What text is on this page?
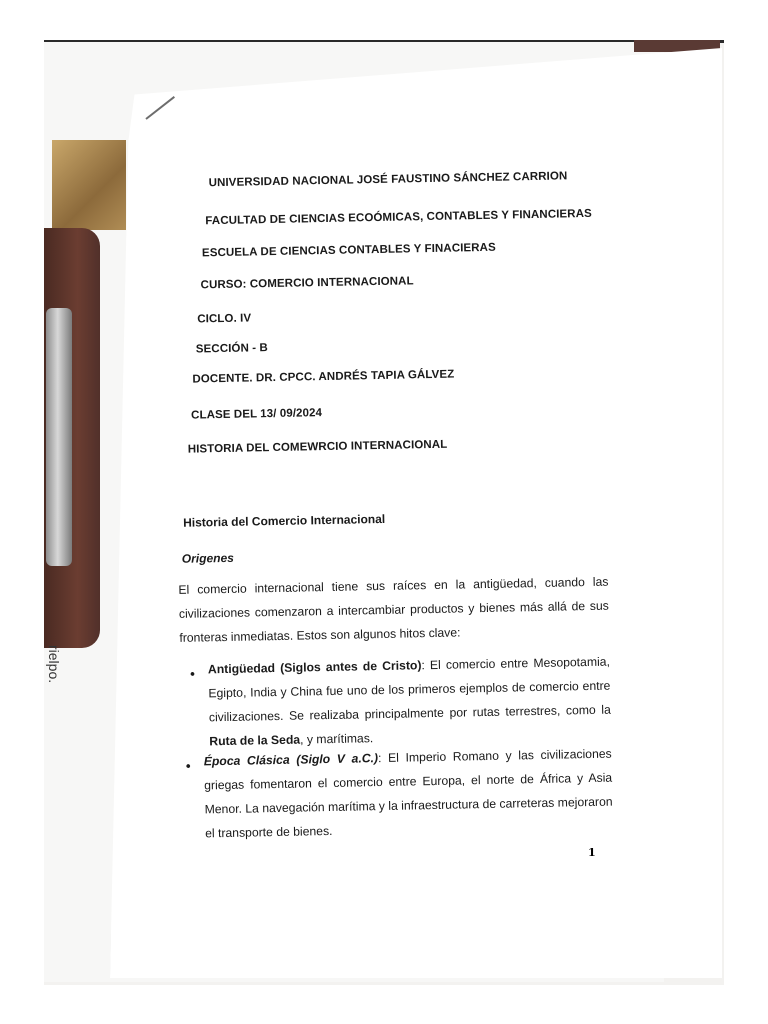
rielpo.
UNIVERSIDAD NACIONAL JOSÉ FAUSTINO SÁNCHEZ CARRION
FACULTAD DE CIENCIAS ECOÓMICAS, CONTABLES Y FINANCIERAS
ESCUELA DE CIENCIAS CONTABLES Y FINACIERAS
CURSO: COMERCIO INTERNACIONAL
CICLO. IV
SECCIÓN - B
DOCENTE. DR. CPCC. ANDRÉS TAPIA GÁLVEZ
CLASE DEL 13/ 09/2024
HISTORIA DEL COMEWRCIO INTERNACIONAL
Historia del Comercio Internacional
Origenes
El comercio internacional tiene sus raíces en la antigüedad, cuando las civilizaciones comenzaron a intercambiar productos y bienes más allá de sus fronteras inmediatas. Estos son algunos hitos clave:
• Antigüedad (Siglos antes de Cristo): El comercio entre Mesopotamia, Egipto, India y China fue uno de los primeros ejemplos de comercio entre civilizaciones. Se realizaba principalmente por rutas terrestres, como la Ruta de la Seda, y marítimas.
• Época Clásica (Siglo V a.C.): El Imperio Romano y las civilizaciones griegas fomentaron el comercio entre Europa, el norte de África y Asia Menor. La navegación marítima y la infraestructura de carreteras mejoraron el transporte de bienes.
1
